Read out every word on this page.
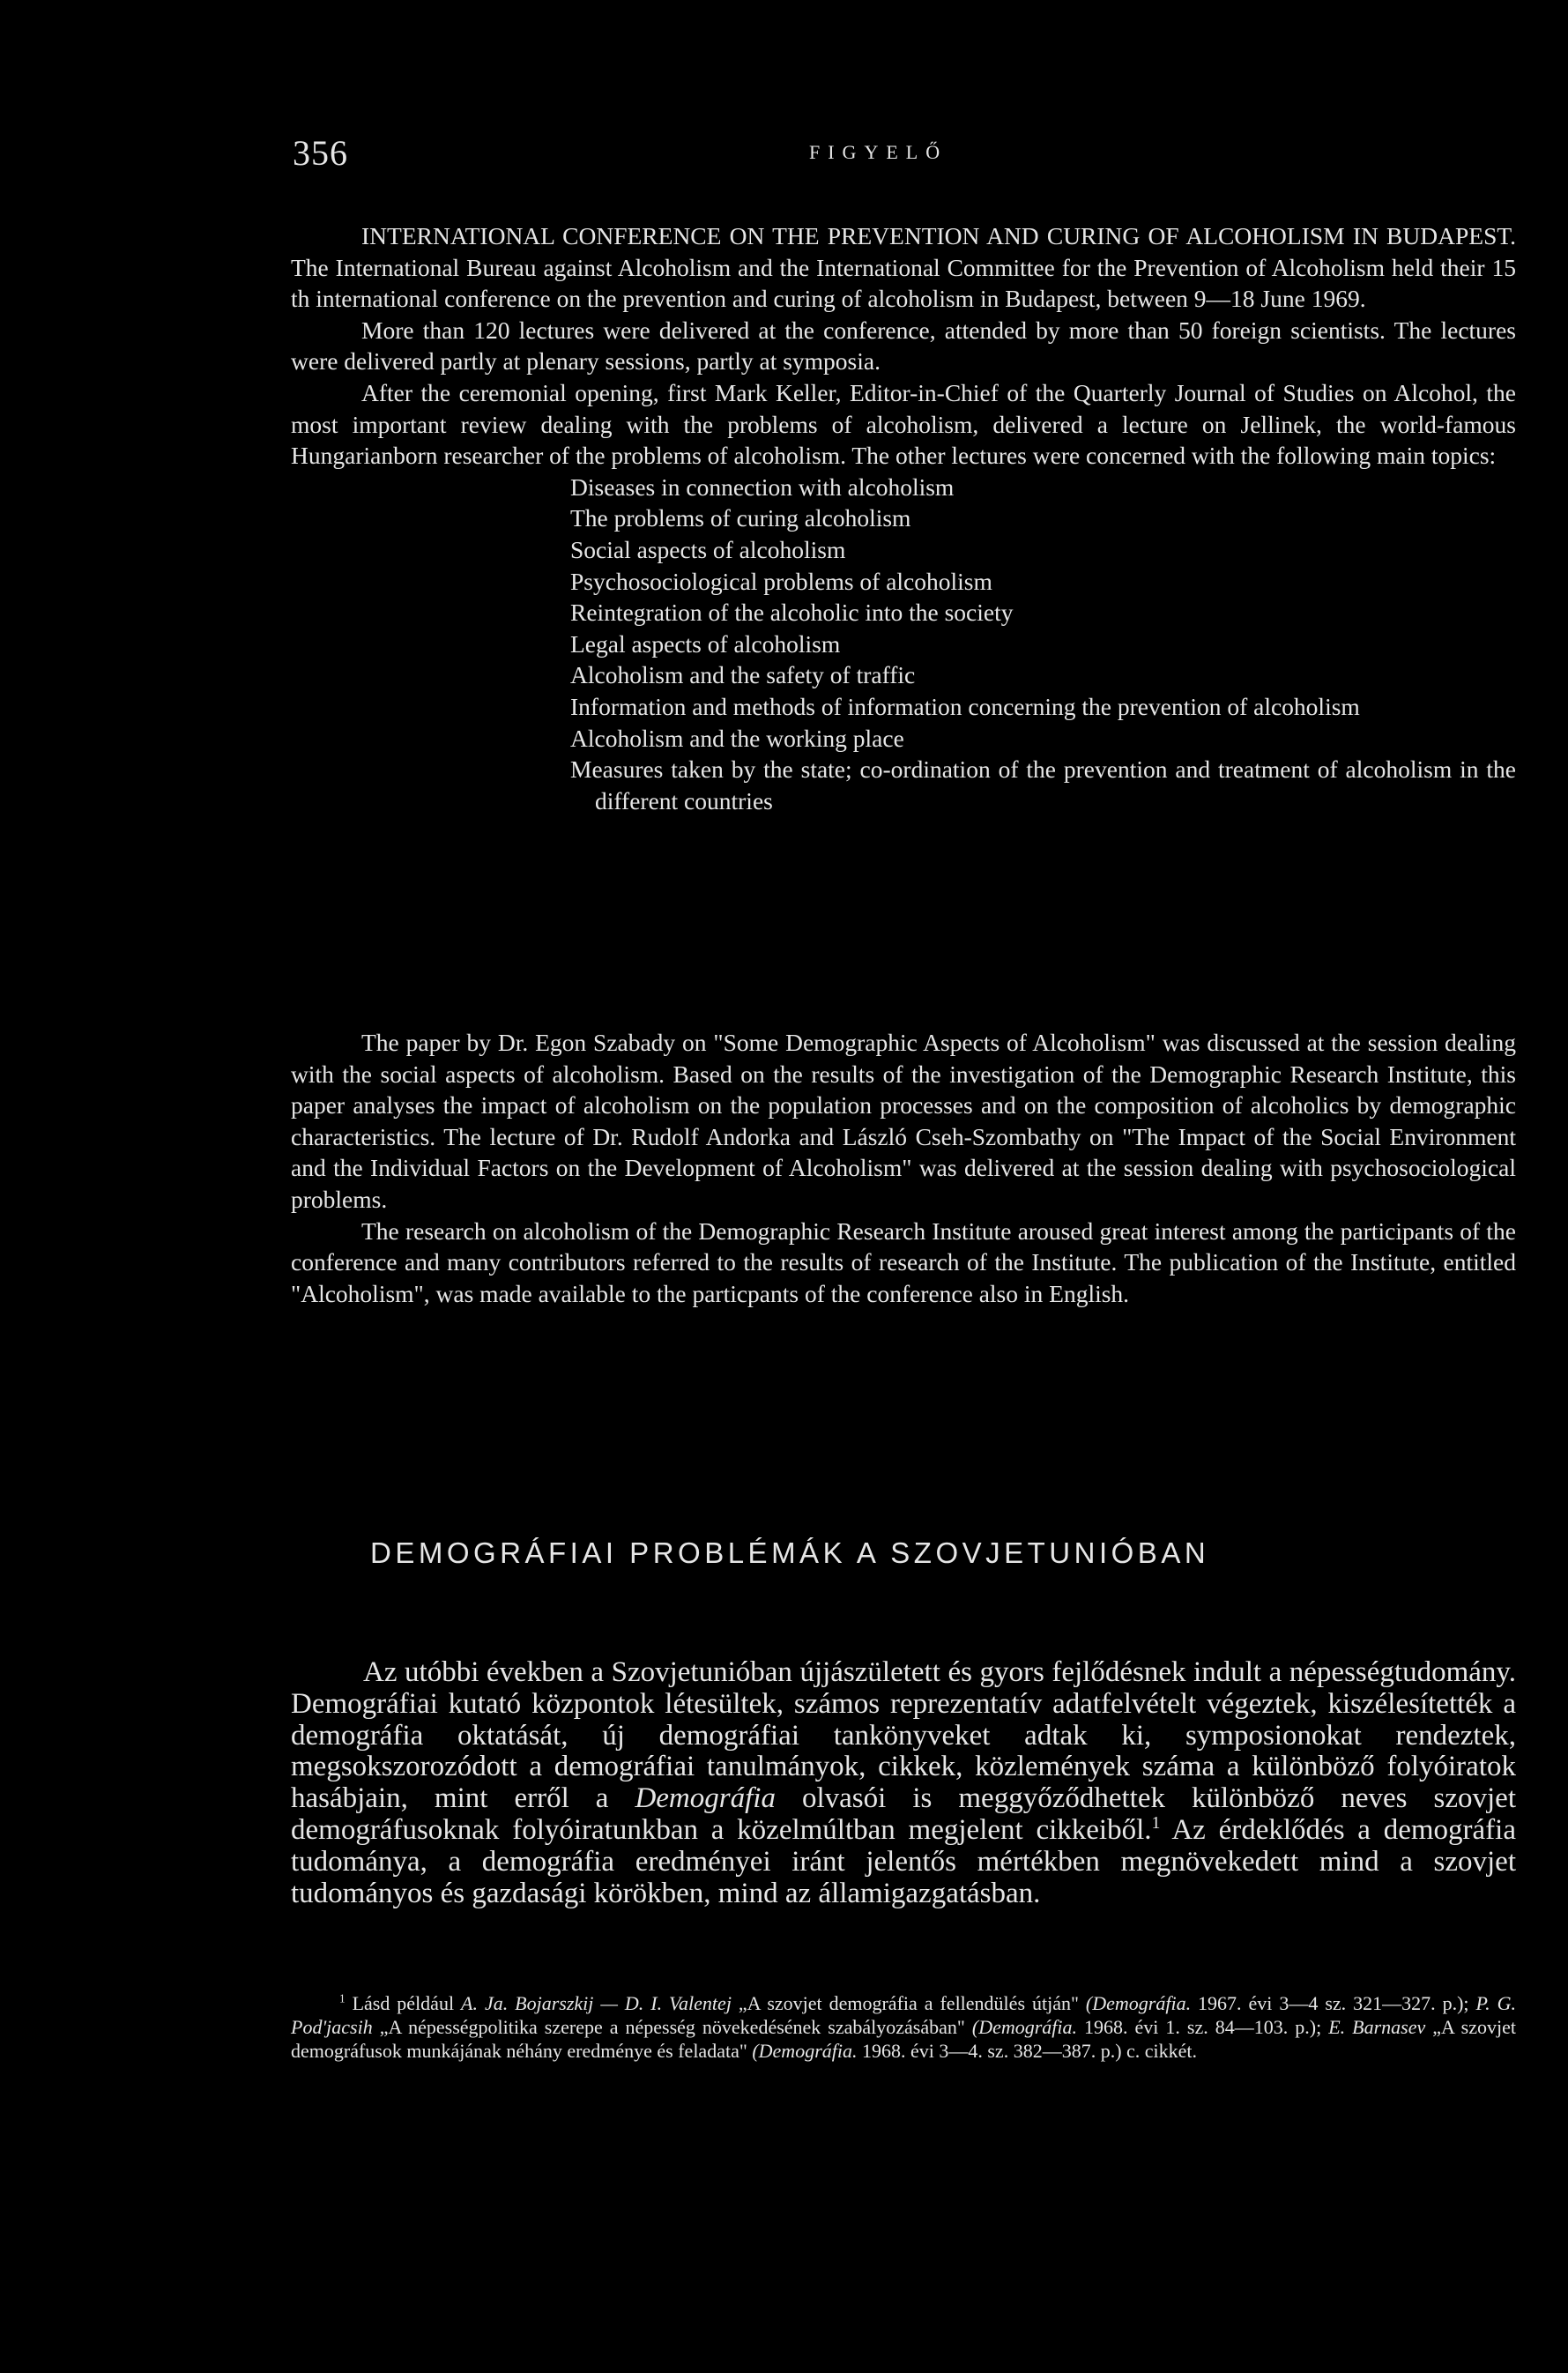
356	FIGYELŐ

INTERNATIONAL CONFERENCE ON THE PREVENTION AND CURING OF ALCOHOLISM IN BUDAPEST. The International Bureau against Alcoholism and the International Committee for the Prevention of Alcoholism held their 15 th international conference on the prevention and curing of alcoholism in Budapest, between 9—18 June 1969.

More than 120 lectures were delivered at the conference, attended by more than 50 foreign scientists. The lectures were delivered partly at plenary sessions, partly at symposia.

After the ceremonial opening, first Mark Keller, Editor-in-Chief of the Quarterly Journal of Studies on Alcohol, the most important review dealing with the problems of alcoholism, delivered a lecture on Jellinek, the world-famous Hungarianborn researcher of the problems of alcoholism. The other lectures were concerned with the following main topics:

Diseases in connection with alcoholism
The problems of curing alcoholism
Social aspects of alcoholism
Psychosociological problems of alcoholism
Reintegration of the alcoholic into the society
Legal aspects of alcoholism
Alcoholism and the safety of traffic
Information and methods of information concerning the prevention of alcoholism
Alcoholism and the working place
Measures taken by the state; co-ordination of the prevention and treatment of alcoholism in the different countries

The paper by Dr. Egon Szabady on "Some Demographic Aspects of Alcoholism" was discussed at the session dealing with the social aspects of alcoholism. Based on the results of the investigation of the Demographic Research Institute, this paper analyses the impact of alcoholism on the population processes and on the composition of alcoholics by demographic characteristics. The lecture of Dr. Rudolf Andorka and László Cseh-Szombathy on "The Impact of the Social Environment and the Individual Factors on the Development of Alcoholism" was delivered at the session dealing with psychosociological problems.

The research on alcoholism of the Demographic Research Institute aroused great interest among the participants of the conference and many contributors referred to the results of research of the Institute. The publication of the Institute, entitled "Alcoholism", was made available to the particpants of the conference also in English.

DEMOGRÁFIAI PROBLÉMÁK A SZOVJETUNIÓBAN

Az utóbbi években a Szovjetunióban újjászületett és gyors fejlődésnek indult a népességtudomány. Demográfiai kutató központok létesültek, számos reprezentatív adatfelvételt végeztek, kiszélesítették a demográfia oktatását, új demográfiai tankönyveket adtak ki, symposionokat rendeztek, megsokszorozódott a demográfiai tanulmányok, cikkek, közlemények száma a különböző folyóiratok hasábjain, mint erről a Demográfia olvasói is meggyőződhettek különböző neves szovjet demográfusoknak folyóiratunkban a közelmúltban megjelent cikkeiből.$^1$ Az érdeklődés a demográfia tudománya, a demográfia eredményei iránt jelentős mértékben megnövekedett mind a szovjet tudományos és gazdasági körökben, mind az államigazgatásban.

$^1$ Lásd például A. Ja. Bojarszkij — D. I. Valentej „A szovjet demográfia a fellendülés útján" (Demográfia. 1967. évi 3—4 sz. 321—327. p.); P. G. Pod'jacsih „A népességpolitika szerepe a népesség növekedésének szabályozásában" (Demográfia. 1968. évi 1. sz. 84—103. p.); E. Barnasev „A szovjet demográfusok munkájának néhány eredménye és feladata" (Demográfia. 1968. évi 3—4. sz. 382—387. p.) c. cikkét.
